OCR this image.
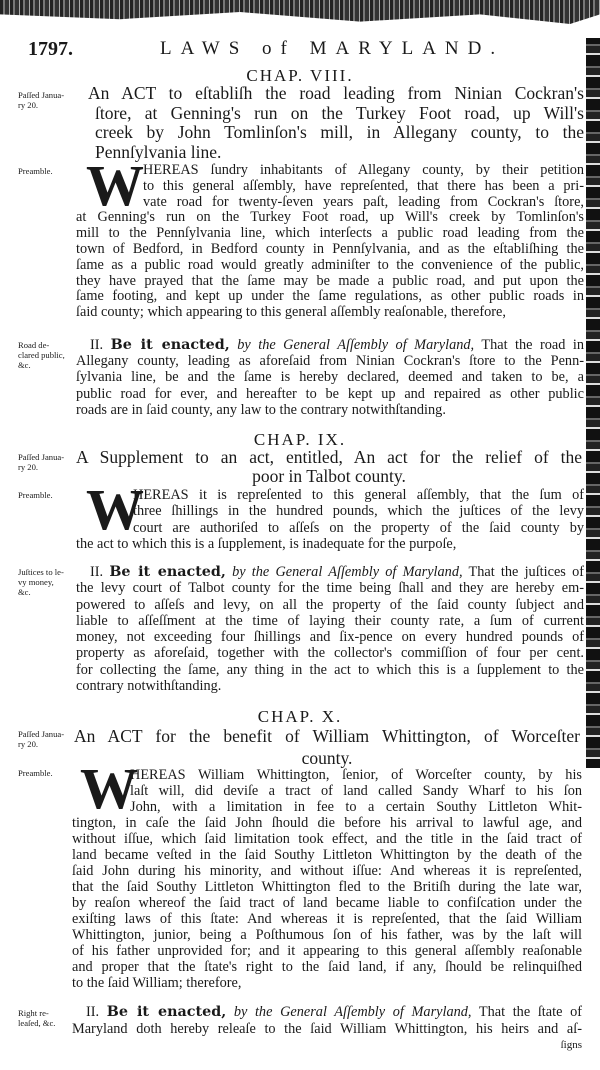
1797.	LAWS of MARYLAND.
CHAP. VIII.
Paſſed Janua-
ry 20.
An ACT to eſtabliſh the road leading from Ninian Cockran's
ſtore, at Genning's run on the Turkey Foot road, up Will's
creek by John Tomlinſon's mill, in Allegany county, to the
Pennſylvania line.
Preamble. W HEREAS ſundry inhabitants of Allegany county, by their petition
to this general aſſembly, have repreſented, that there has been a pri-
vate road for twenty-ſeven years paſt, leading from Cockran's ſtore,
at Genning's run on the Turkey Foot road, up Will's creek by Tomlinſon's
mill to the Pennſylvania line, which interſects a public road leading from the
town of Bedford, in Bedford county in Pennſylvania, and as the eſtabliſhing the
ſame as a public road would greatly adminiſter to the convenience of the public,
they have prayed that the ſame may be made a public road, and put upon the
ſame footing, and kept up under the ſame regulations, as other public roads in
ſaid county; which appearing to this general aſſembly reaſonable, therefore,
Road de-
clared public,
&c.
II. Be it enacted, by the General Aſſembly of Maryland, That the road in
Allegany county, leading as aforeſaid from Ninian Cockran's ſtore to the Penn-
ſylvania line, be and the ſame is hereby declared, deemed and taken to be, a
public road for ever, and hereafter to be kept up and repaired as other public
roads are in ſaid county, any law to the contrary notwithſtanding.
CHAP. IX.
Paſſed Janua-
ry 20.	A Supplement to an act, entitled, An act for the relief of the
poor in Talbot county.
Preamble. W
HEREAS it is repreſented to this general aſſembly, that the ſum of
three ſhillings in the hundred pounds, which the juſtices of the levy
court are authoriſed to aſſeſs on the property of the ſaid county by
the act to which this is a ſupplement, is inadequate for the purpoſe,
Juſtices to le-
vy money,
&c.
II. Be it enacted, by the General Aſſembly of Maryland, That the juſtices of
the levy court of Talbot county for the time being ſhall and they are hereby em-
powered to aſſeſs and levy, on all the property of the ſaid county ſubject and
liable to aſſeſſment at the time of laying their county rate, a ſum of current
money, not exceeding four ſhillings and ſix-pence on every hundred pounds of
property as aforeſaid, together with the collector's commiſſion of four per cent.
for collecting the ſame, any thing in the act to which this is a ſupplement to the
contrary notwithſtanding.
CHAP. X.
Paſſed Janua-
ry 20.	An ACT for the benefit of William Whittington, of Worceſter
county.
Preamble. W
HEREAS William Whittington, ſenior, of Worceſter county, by his
laſt will, did deviſe a tract of land called Sandy Wharf to his ſon
John, with a limitation in fee to a certain Southy Littleton Whit-
tington, in caſe the ſaid John ſhould die before his arrival to lawful age, and
without iſſue, which ſaid limitation took effect, and the title in the ſaid tract of
land became veſted in the ſaid Southy Littleton Whittington by the death of the
ſaid John during his minority, and without iſſue: And whereas it is repreſented,
that the ſaid Southy Littleton Whittington fled to the Britiſh during the late war,
by reaſon whereof the ſaid tract of land became liable to confiſcation under the
exiſting laws of this ſtate: And whereas it is repreſented, that the ſaid William
Whittington, junior, being a Poſthumous ſon of his father, was by the laſt will
of his father unprovided for; and it appearing to this general aſſembly reaſonable
and proper that the ſtate's right to the ſaid land, if any, ſhould be relinquiſhed
to the ſaid William; therefore,
Right re-
leaſed, &c.
II. Be it enacted, by the General Aſſembly of Maryland, That the ſtate of
Maryland doth hereby releaſe to the ſaid William Whittington, his heirs and aſ-
ſigns
